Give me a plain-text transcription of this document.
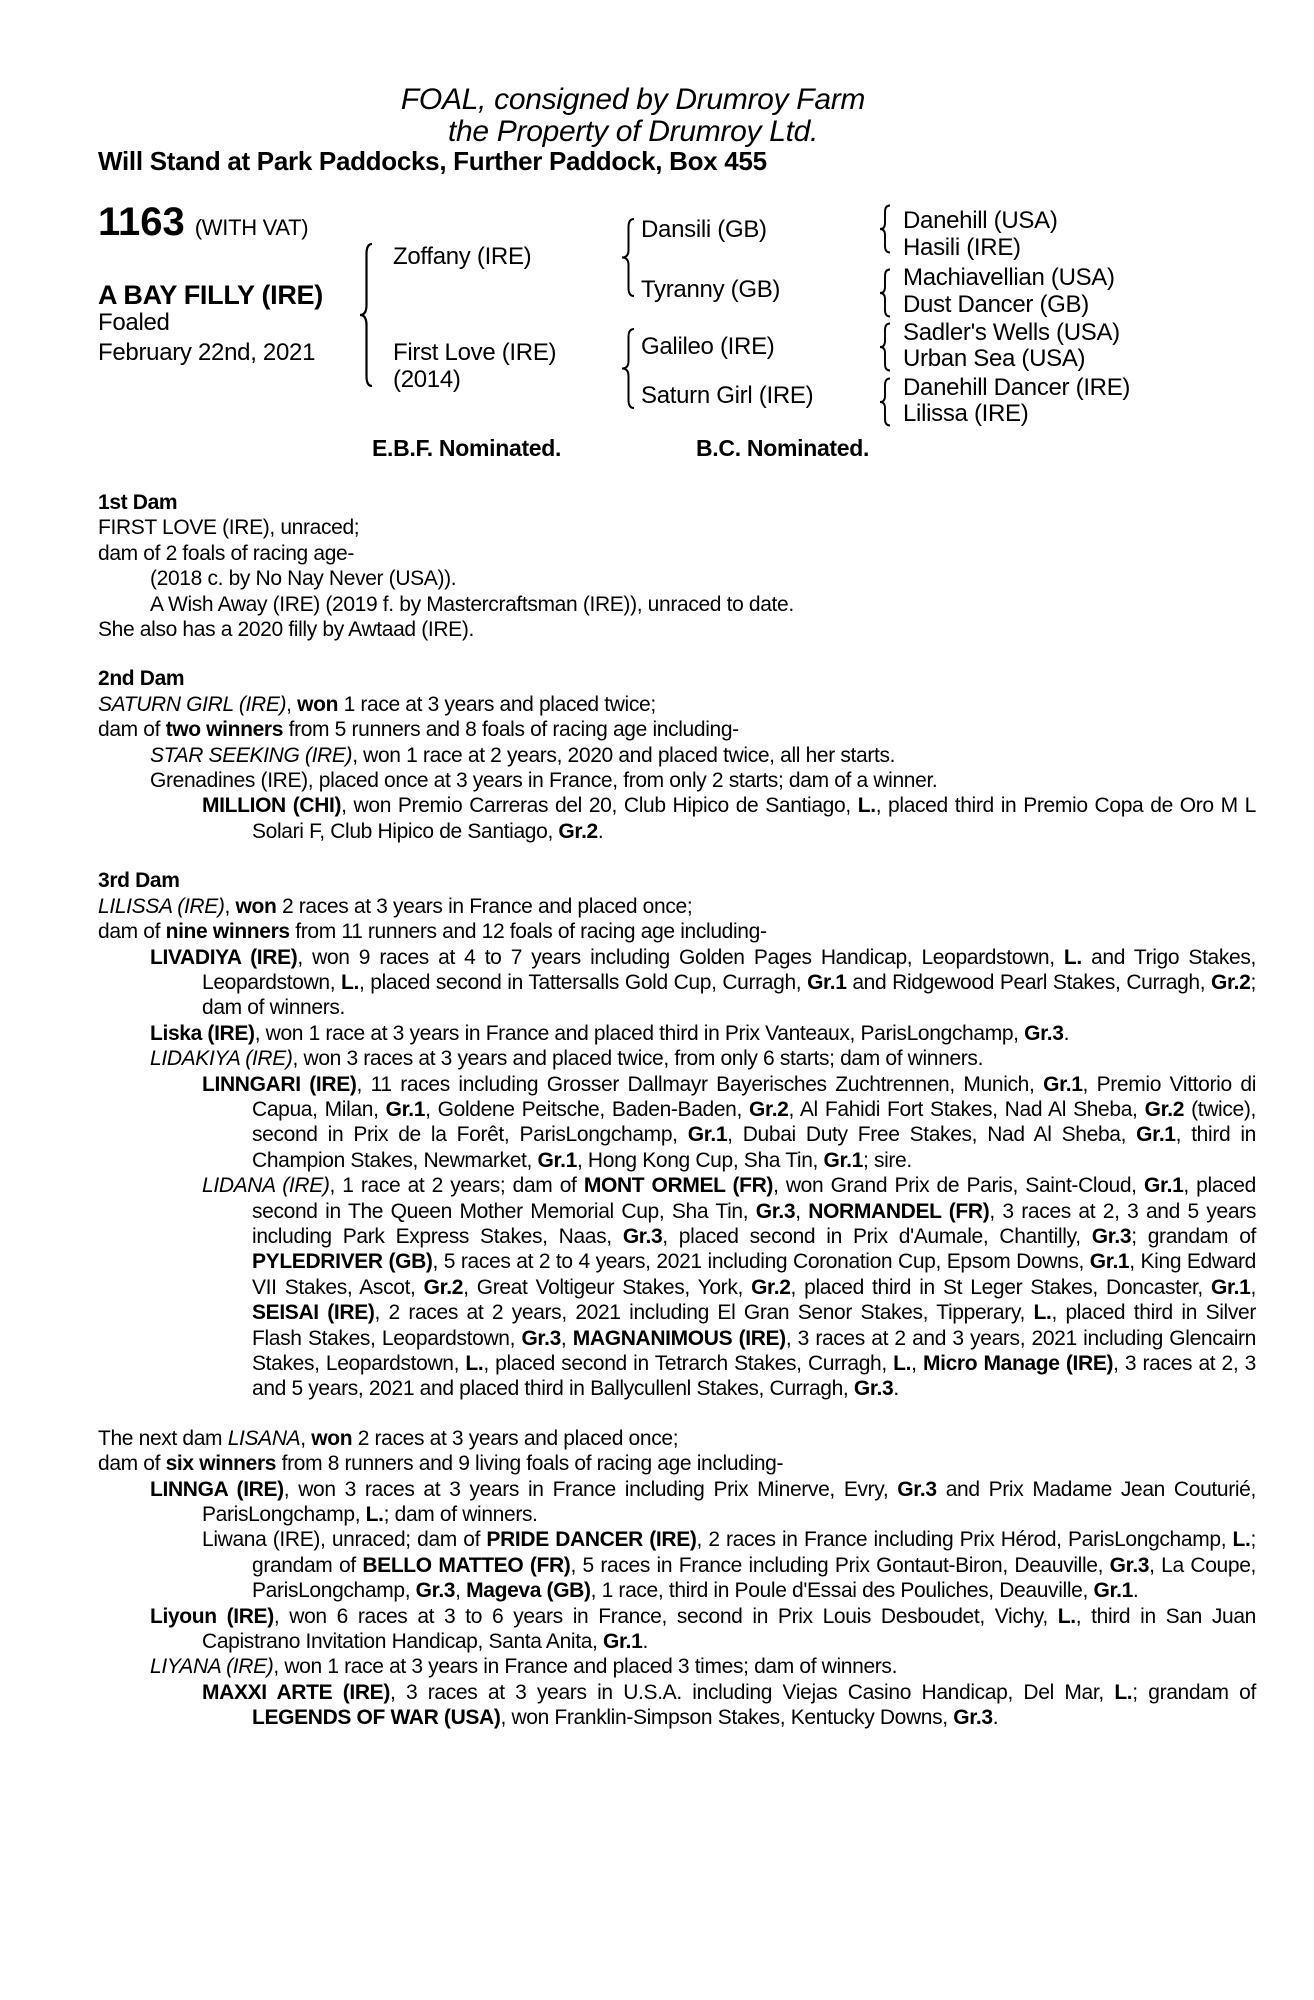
FOAL, consigned by Drumroy Farm
the Property of Drumroy Ltd.
Will Stand at Park Paddocks, Further Paddock, Box 455
1163 (WITH VAT)
A BAY FILLY (IRE)
Foaled
February 22nd, 2021
Zoffany (IRE)
First Love (IRE)
(2014)
Dansili (GB)
Tyranny (GB)
Galileo (IRE)
Saturn Girl (IRE)
Danehill (USA)
Hasili (IRE)
Machiavellian (USA)
Dust Dancer (GB)
Sadler's Wells (USA)
Urban Sea (USA)
Danehill Dancer (IRE)
Lilissa (IRE)
E.B.F. Nominated.	B.C. Nominated.
1st Dam

FIRST LOVE (IRE), unraced;

dam of 2 foals of racing age-

(2018 c. by No Nay Never (USA)).

A Wish Away (IRE) (2019 f. by Mastercraftsman (IRE)), unraced to date.

She also has a 2020 filly by Awtaad (IRE).

2nd Dam

SATURN GIRL (IRE), won 1 race at 3 years and placed twice;

dam of two winners from 5 runners and 8 foals of racing age including-

STAR SEEKING (IRE), won 1 race at 2 years, 2020 and placed twice, all her starts.

Grenadines (IRE), placed once at 3 years in France, from only 2 starts; dam of a winner.

MILLION (CHI), won Premio Carreras del 20, Club Hipico de Santiago, L., placed third in Premio Copa de Oro M L Solari F, Club Hipico de Santiago, Gr.2.

3rd Dam

LILISSA (IRE), won 2 races at 3 years in France and placed once;

dam of nine winners from 11 runners and 12 foals of racing age including-

LIVADIYA (IRE), won 9 races at 4 to 7 years including Golden Pages Handicap, Leopardstown, L. and Trigo Stakes, Leopardstown, L., placed second in Tattersalls Gold Cup, Curragh, Gr.1 and Ridgewood Pearl Stakes, Curragh, Gr.2; dam of winners.

Liska (IRE), won 1 race at 3 years in France and placed third in Prix Vanteaux, ParisLongchamp, Gr.3.

LIDAKIYA (IRE), won 3 races at 3 years and placed twice, from only 6 starts; dam of winners.

LINNGARI (IRE), 11 races including Grosser Dallmayr Bayerisches Zuchtrennen, Munich, Gr.1, Premio Vittorio di Capua, Milan, Gr.1, Goldene Peitsche, Baden-Baden, Gr.2, Al Fahidi Fort Stakes, Nad Al Sheba, Gr.2 (twice), second in Prix de la Forêt, ParisLongchamp, Gr.1, Dubai Duty Free Stakes, Nad Al Sheba, Gr.1, third in Champion Stakes, Newmarket, Gr.1, Hong Kong Cup, Sha Tin, Gr.1; sire.

LIDANA (IRE), 1 race at 2 years; dam of MONT ORMEL (FR), won Grand Prix de Paris, Saint-Cloud, Gr.1, placed second in The Queen Mother Memorial Cup, Sha Tin, Gr.3, NORMANDEL (FR), 3 races at 2, 3 and 5 years including Park Express Stakes, Naas, Gr.3, placed second in Prix d'Aumale, Chantilly, Gr.3; grandam of PYLEDRIVER (GB), 5 races at 2 to 4 years, 2021 including Coronation Cup, Epsom Downs, Gr.1, King Edward VII Stakes, Ascot, Gr.2, Great Voltigeur Stakes, York, Gr.2, placed third in St Leger Stakes, Doncaster, Gr.1, SEISAI (IRE), 2 races at 2 years, 2021 including El Gran Senor Stakes, Tipperary, L., placed third in Silver Flash Stakes, Leopardstown, Gr.3, MAGNANIMOUS (IRE), 3 races at 2 and 3 years, 2021 including Glencairn Stakes, Leopardstown, L., placed second in Tetrarch Stakes, Curragh, L., Micro Manage (IRE), 3 races at 2, 3 and 5 years, 2021 and placed third in Ballycullenl Stakes, Curragh, Gr.3.

The next dam LISANA, won 2 races at 3 years and placed once;

dam of six winners from 8 runners and 9 living foals of racing age including-

LINNGA (IRE), won 3 races at 3 years in France including Prix Minerve, Evry, Gr.3 and Prix Madame Jean Couturié, ParisLongchamp, L.; dam of winners.

Liwana (IRE), unraced; dam of PRIDE DANCER (IRE), 2 races in France including Prix Hérod, ParisLongchamp, L.; grandam of BELLO MATTEO (FR), 5 races in France including Prix Gontaut-Biron, Deauville, Gr.3, La Coupe, ParisLongchamp, Gr.3, Mageva (GB), 1 race, third in Poule d'Essai des Pouliches, Deauville, Gr.1.

Liyoun (IRE), won 6 races at 3 to 6 years in France, second in Prix Louis Desboudet, Vichy, L., third in San Juan Capistrano Invitation Handicap, Santa Anita, Gr.1.

LIYANA (IRE), won 1 race at 3 years in France and placed 3 times; dam of winners.

MAXXI ARTE (IRE), 3 races at 3 years in U.S.A. including Viejas Casino Handicap, Del Mar, L.; grandam of LEGENDS OF WAR (USA), won Franklin-Simpson Stakes, Kentucky Downs, Gr.3.
